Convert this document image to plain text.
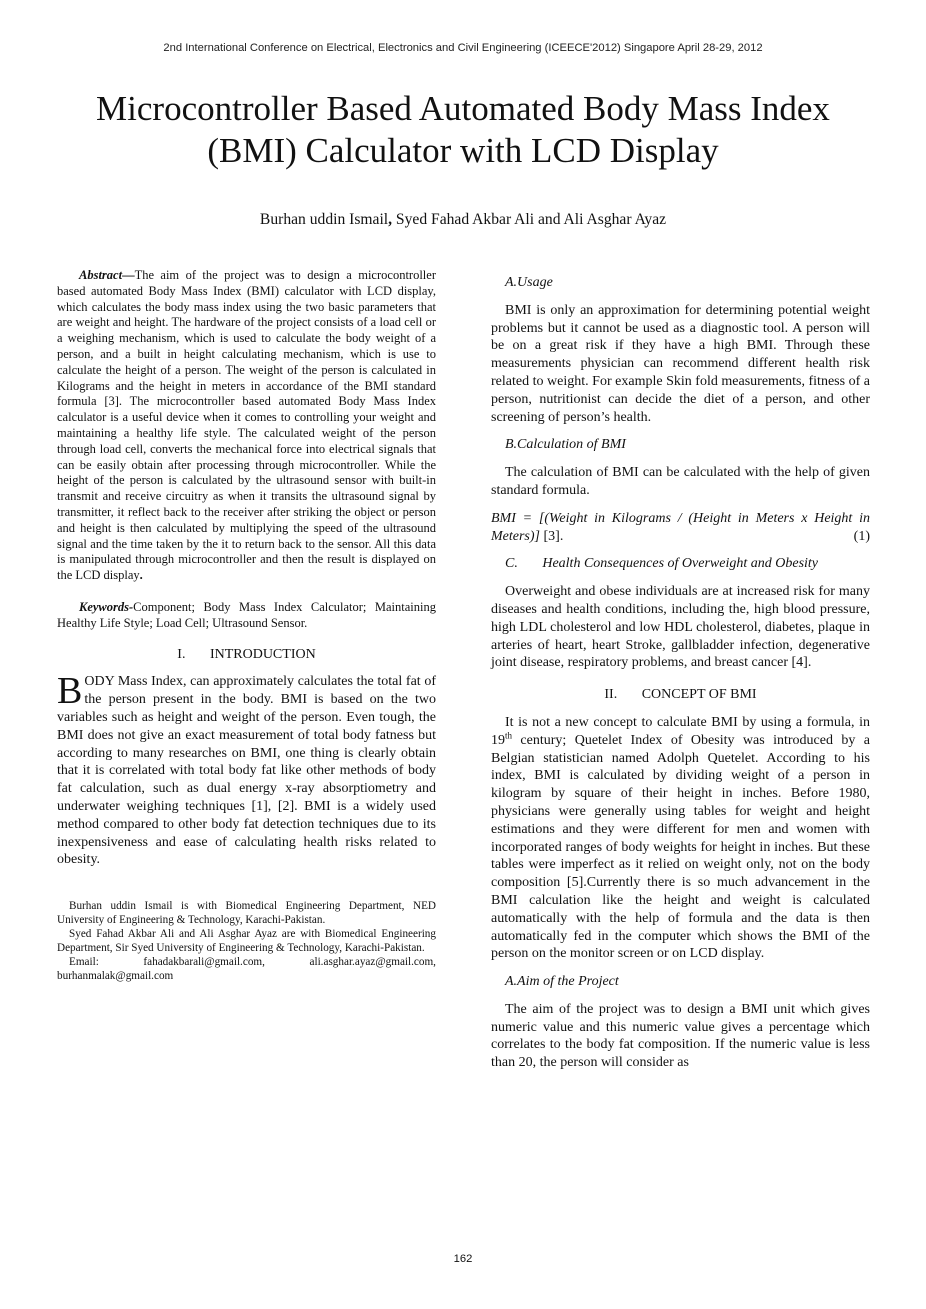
2nd International Conference on Electrical, Electronics and Civil Engineering (ICEECE'2012) Singapore April 28-29, 2012
Microcontroller Based Automated Body Mass Index
(BMI) Calculator with LCD Display
Burhan uddin Ismail, Syed Fahad Akbar Ali and Ali Asghar Ayaz

Abstract—The aim of the project was to design a microcontroller based automated Body Mass Index (BMI) calculator with LCD display, which calculates the body mass index using the two basic parameters that are weight and height. The hardware of the project consists of a load cell or a weighing mechanism, which is used to calculate the body weight of a person, and a built in height calculating mechanism, which is use to calculate the height of a person. The weight of the person is calculated in Kilograms and the height in meters in accordance of the BMI standard formula [3]. The microcontroller based automated Body Mass Index calculator is a useful device when it comes to controlling your weight and maintaining a healthy life style. The calculated weight of the person through load cell, converts the mechanical force into electrical signals that can be easily obtain after processing through microcontroller. While the height of the person is calculated by the ultrasound sensor with built-in transmit and receive circuitry as when it transits the ultrasound signal by transmitter, it reflect back to the receiver after striking the object or person and height is then calculated by multiplying the speed of the ultrasound signal and the time taken by the it to return back to the sensor. All this data is manipulated through microcontroller and then the result is displayed on the LCD display.

Keywords-Component; Body Mass Index Calculator; Maintaining Healthy Life Style; Load Cell; Ultrasound Sensor.

I.       INTRODUCTION

BODY Mass Index, can approximately calculates the total fat of the person present in the body. BMI is based on the two variables such as height and weight of the person. Even tough, the BMI does not give an exact measurement of total body fatness but according to many researches on BMI, one thing is clearly obtain that it is correlated with total body fat like other methods of body fat calculation, such as dual energy x-ray absorptiometry and underwater weighing techniques [1], [2]. BMI is a widely used method compared to other body fat detection techniques due to its inexpensiveness and ease of calculating health risks related to obesity.

Burhan uddin Ismail is with Biomedical Engineering Department, NED University of Engineering & Technology, Karachi-Pakistan.

Syed Fahad Akbar Ali and Ali Asghar Ayaz are with Biomedical Engineering Department, Sir Syed University of Engineering & Technology, Karachi-Pakistan.

Email:	fahadakbarali@gmail.com,	ali.asghar.ayaz@gmail.com,

burhanmalak@gmail.com

A.Usage

BMI is only an approximation for determining potential weight problems but it cannot be used as a diagnostic tool. A person will be on a great risk if they have a high BMI. Through these measurements physician can recommend different health risk related to weight. For example Skin fold measurements, fitness of a person, nutritionist can decide the diet of a person, and other screening of person’s health.

B.Calculation of BMI

The calculation of BMI can be calculated with the help of given standard formula.

BMI = [(Weight in Kilograms / (Height in Meters x Height in Meters)] [3].	(1)

C.       Health Consequences of Overweight and Obesity

Overweight and obese individuals are at increased risk for many diseases and health conditions, including the, high blood pressure, high LDL cholesterol and low HDL cholesterol, diabetes, plaque in arteries of heart, heart Stroke, gallbladder infection, degenerative joint disease, respiratory problems, and breast cancer [4].

II.       CONCEPT OF BMI

It is not a new concept to calculate BMI by using a formula, in 19th century; Quetelet Index of Obesity was introduced by a Belgian statistician named Adolph Quetelet. According to his index, BMI is calculated by dividing weight of a person in kilogram by square of their height in inches. Before 1980, physicians were generally using tables for weight and height estimations and they were different for men and women with incorporated ranges of body weights for height in inches. But these tables were imperfect as it relied on weight only, not on the body composition [5].Currently there is so much advancement in the BMI calculation like the height and weight is calculated automatically with the help of formula and the data is then automatically fed in the computer which shows the BMI of the person on the monitor screen or on LCD display.

A.Aim of the Project

The aim of the project was to design a BMI unit which gives numeric value and this numeric value gives a percentage which correlates to the body fat composition. If the numeric value is less than 20, the person will consider as

162
